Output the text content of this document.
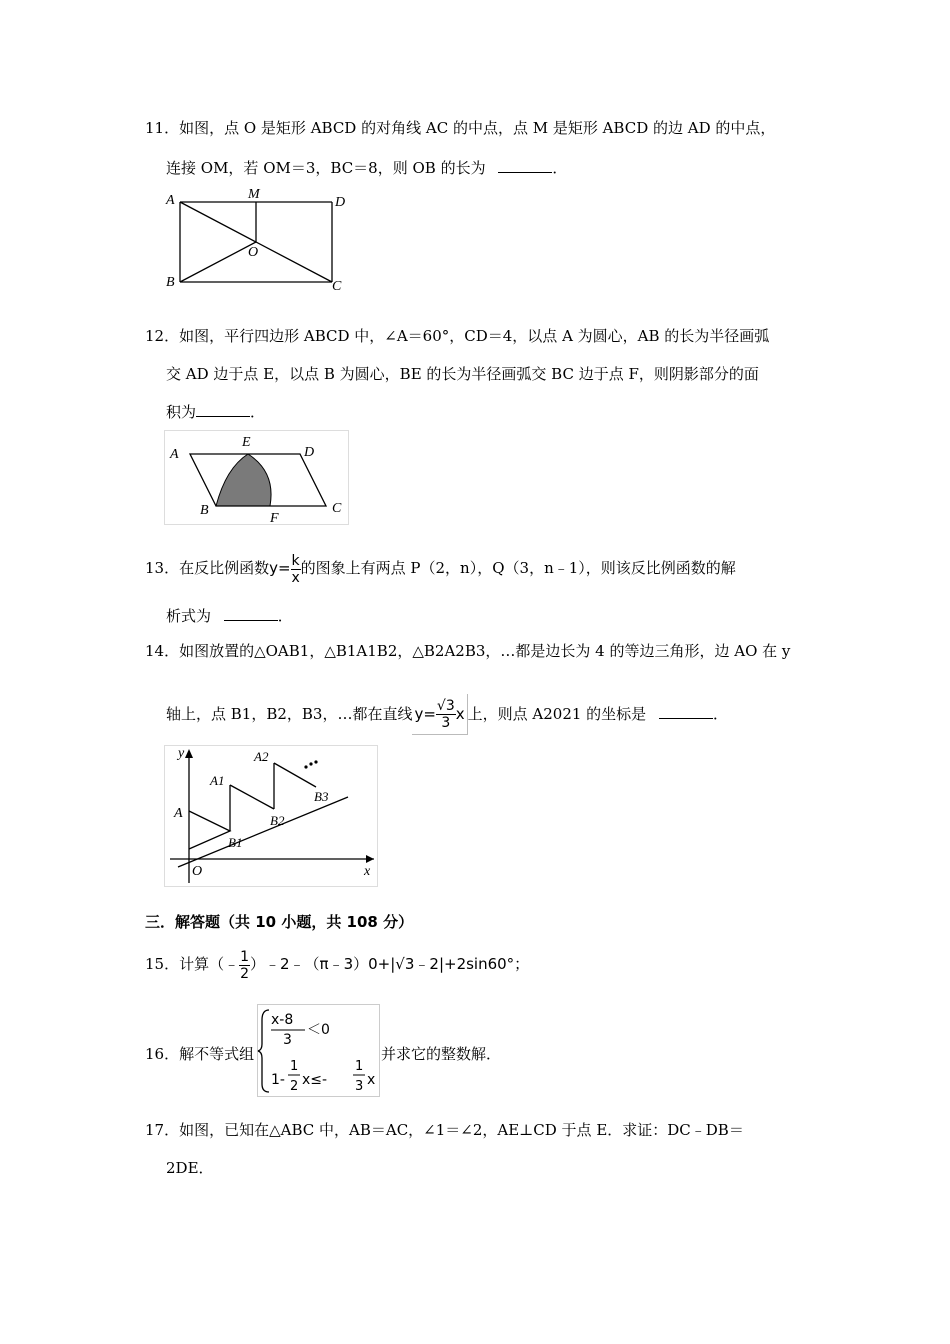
11．如图，点 O 是矩形 ABCD 的对角线 AC 的中点，点 M 是矩形 ABCD 的边 AD 的中点，
连接 OM，若 OM＝3，BC＝8，则 OB 的长为	．
A	M
D
O
B	C
12．如图，平行四边形 ABCD 中，∠A＝60°，CD＝4，以点 A 为圆心，AB 的长为半径画弧
交 AD 边于点 E，以点 B 为圆心，BE 的长为半径画弧交 BC 边于点 F，则阴影部分的面
积为	．
A
E
D
B
F
C
13．在反比例函数$y= \frac{k}{x}$ 的图象上有两点 P（2，n），Q（3，n﹣1），则该反比例函数的解
析式为	．
14．如图放置的△OAB1，△B1A1B2，△B2A2B3，…都是边长为 4 的等边三角形，边 AO 在 y
轴上，点 B1，B2，B3，…都在直线 $y= \frac{√3}{3}$ x 上，则点 A2021 的坐标是	．
y
x
O
A
A1
A2
B1
B2
B3
三．解答题（共 10 小题，共 108 分）
15．计算（﹣ $\frac{1}{2}$ ）﹣2﹣（π﹣3）0+|√3﹣2|+2sin60°；
16．解不等式组
x-8
3
＜0
1-
1
2 x≤-
1
3 x
并求它的整数解．
17．如图，已知在△ABC 中，AB＝AC，∠1＝∠2，AE⊥CD 于点 E．求证：DC﹣DB＝
2DE．
